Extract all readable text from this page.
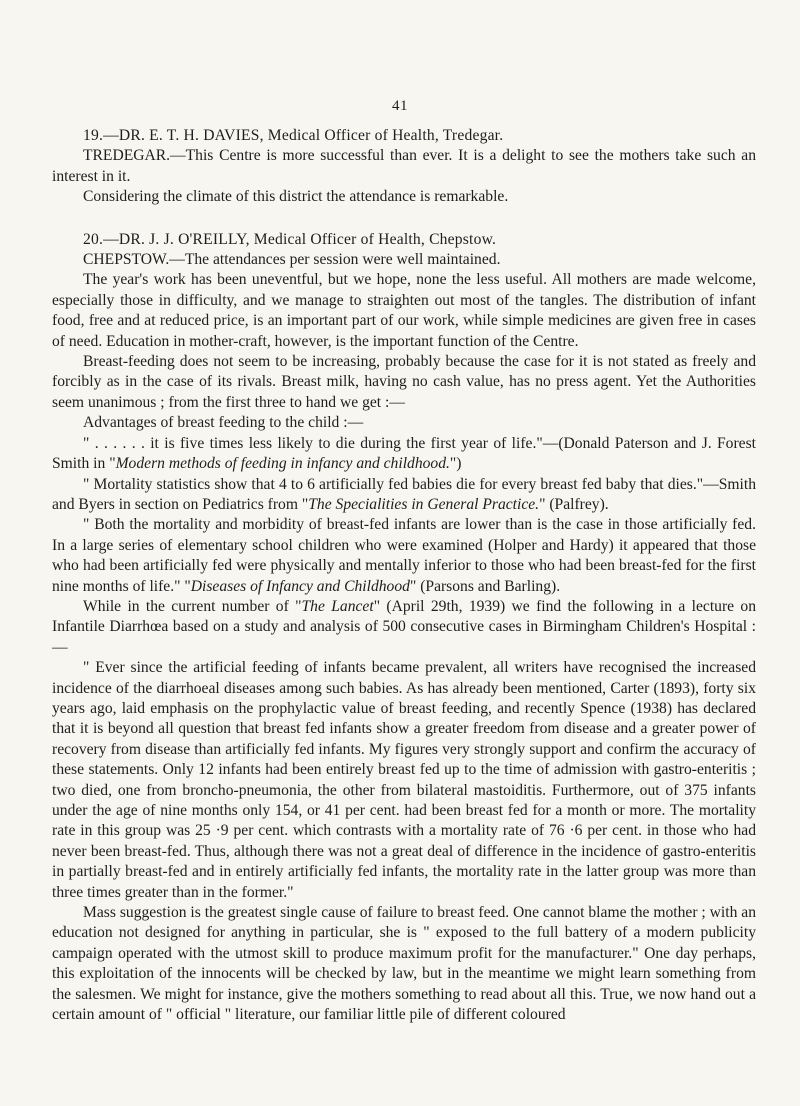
41

19.—DR. E. T. H. DAVIES, Medical Officer of Health, Tredegar.

TREDEGAR.—This Centre is more successful than ever. It is a delight to see the mothers take such an interest in it.

Considering the climate of this district the attendance is remarkable.

20.—DR. J. J. O'REILLY, Medical Officer of Health, Chepstow.

CHEPSTOW.—The attendances per session were well maintained.

The year's work has been uneventful, but we hope, none the less useful. All mothers are made welcome, especially those in difficulty, and we manage to straighten out most of the tangles. The distribution of infant food, free and at reduced price, is an important part of our work, while simple medicines are given free in cases of need. Education in mother-craft, however, is the important function of the Centre.

Breast-feeding does not seem to be increasing, probably because the case for it is not stated as freely and forcibly as in the case of its rivals. Breast milk, having no cash value, has no press agent. Yet the Authorities seem unanimous ; from the first three to hand we get :—

Advantages of breast feeding to the child :—

" . . . . . . it is five times less likely to die during the first year of life."—(Donald Paterson and J. Forest Smith in "Modern methods of feeding in infancy and childhood.")

" Mortality statistics show that 4 to 6 artificially fed babies die for every breast fed baby that dies."—Smith and Byers in section on Pediatrics from "The Specialities in General Practice." (Palfrey).

" Both the mortality and morbidity of breast-fed infants are lower than is the case in those artificially fed. In a large series of elementary school children who were examined (Holper and Hardy) it appeared that those who had been artificially fed were physically and mentally inferior to those who had been breast-fed for the first nine months of life." "Diseases of Infancy and Childhood" (Parsons and Barling).

While in the current number of "The Lancet" (April 29th, 1939) we find the following in a lecture on Infantile Diarrhœa based on a study and analysis of 500 consecutive cases in Birmingham Children's Hospital :—

" Ever since the artificial feeding of infants became prevalent, all writers have recognised the increased incidence of the diarrhoeal diseases among such babies. As has already been mentioned, Carter (1893), forty six years ago, laid emphasis on the prophylactic value of breast feeding, and recently Spence (1938) has declared that it is beyond all question that breast fed infants show a greater freedom from disease and a greater power of recovery from disease than artificially fed infants. My figures very strongly support and confirm the accuracy of these statements. Only 12 infants had been entirely breast fed up to the time of admission with gastro-enteritis ; two died, one from broncho-pneumonia, the other from bilateral mastoiditis. Furthermore, out of 375 infants under the age of nine months only 154, or 41 per cent. had been breast fed for a month or more. The mortality rate in this group was 25 ·9 per cent. which contrasts with a mortality rate of 76 ·6 per cent. in those who had never been breast-fed. Thus, although there was not a great deal of difference in the incidence of gastro-enteritis in partially breast-fed and in entirely artificially fed infants, the mortality rate in the latter group was more than three times greater than in the former."

Mass suggestion is the greatest single cause of failure to breast feed. One cannot blame the mother ; with an education not designed for anything in particular, she is " exposed to the full battery of a modern publicity campaign operated with the utmost skill to produce maximum profit for the manufacturer." One day perhaps, this exploitation of the innocents will be checked by law, but in the meantime we might learn something from the salesmen. We might for instance, give the mothers something to read about all this. True, we now hand out a certain amount of " official " literature, our familiar little pile of different coloured
